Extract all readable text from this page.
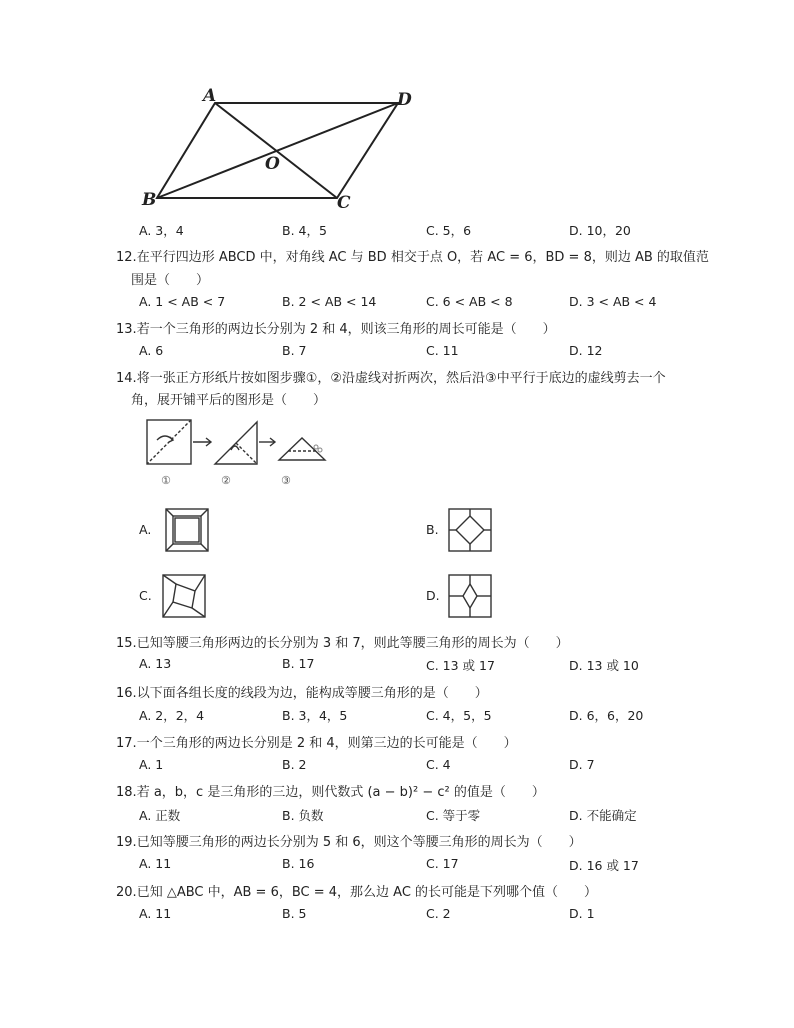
A	D
O
B	C
A. 3，4	B. 4，5	C. 5，6	D. 10，20
12.在平行四边形 ABCD 中，对角线 AC 与 BD 相交于点 O，若 AC = 6，BD = 8，则边 AB 的取值范
围是（　　）
A. 1 < AB < 7	B. 2 < AB < 14	C. 6 < AB < 8	D. 3 < AB < 4
13.若一个三角形的两边长分别为 2 和 4，则该三角形的周长可能是（　　）
A. 6	B. 7	C. 11	D. 12
14.将一张正方形纸片按如图步骤①，②沿虚线对折两次，然后沿③中平行于底边的虚线剪去一个
角，展开铺平后的图形是（　　）
①	②	③
A.	B.
C.	D.
15.已知等腰三角形两边的长分别为 3 和 7，则此等腰三角形的周长为（　　）
A. 13	B. 17	C. 13 或 17	D. 13 或 10
16.以下面各组长度的线段为边，能构成等腰三角形的是（　　）
A. 2，2，4	B. 3，4，5	C. 4，5，5	D. 6，6，20
17.一个三角形的两边长分别是 2 和 4，则第三边的长可能是（　　）
A. 1	B. 2	C. 4	D. 7
18.若 a，b，c 是三角形的三边，则代数式 (a − b)² − c² 的值是（　　）
A. 正数	B. 负数	C. 等于零	D. 不能确定
19.已知等腰三角形的两边长分别为 5 和 6，则这个等腰三角形的周长为（　　）
A. 11	B. 16	C. 17	D. 16 或 17
20.已知 △ABC 中，AB = 6，BC = 4，那么边 AC 的长可能是下列哪个值（　　）
A. 11	B. 5	C. 2	D. 1
